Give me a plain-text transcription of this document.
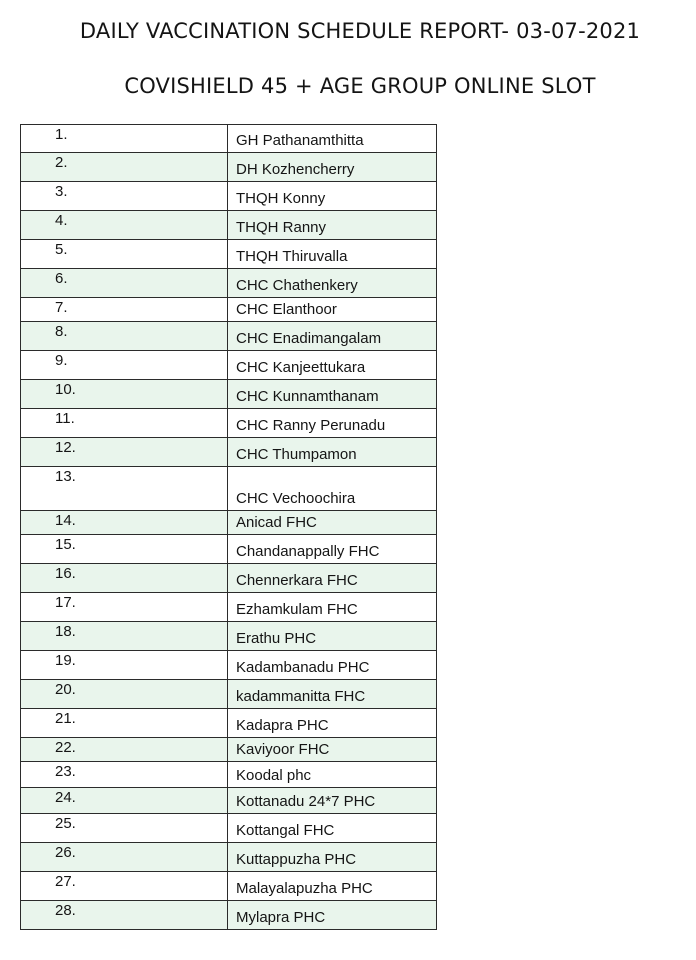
DAILY VACCINATION SCHEDULE REPORT- 03-07-2021
COVISHIELD 45 + AGE GROUP ONLINE SLOT
1.	GH Pathanamthitta
2.	DH Kozhencherry
3.	THQH Konny
4.	THQH Ranny
5.	THQH Thiruvalla
6.	CHC Chathenkery
7.	CHC Elanthoor
8.	CHC Enadimangalam
9.	CHC Kanjeettukara
10.	CHC Kunnamthanam
11.	CHC Ranny Perunadu
12.	CHC Thumpamon
13.	CHC Vechoochira
14.	Anicad FHC
15.	Chandanappally FHC
16.	Chennerkara FHC
17.	Ezhamkulam FHC
18.	Erathu PHC
19.	Kadambanadu PHC
20.	kadammanitta FHC
21.	Kadapra PHC
22.	Kaviyoor FHC
23.	Koodal phc
24.	Kottanadu 24*7 PHC
25.	Kottangal FHC
26.	Kuttappuzha PHC
27.	Malayalapuzha PHC
28.	Mylapra PHC
